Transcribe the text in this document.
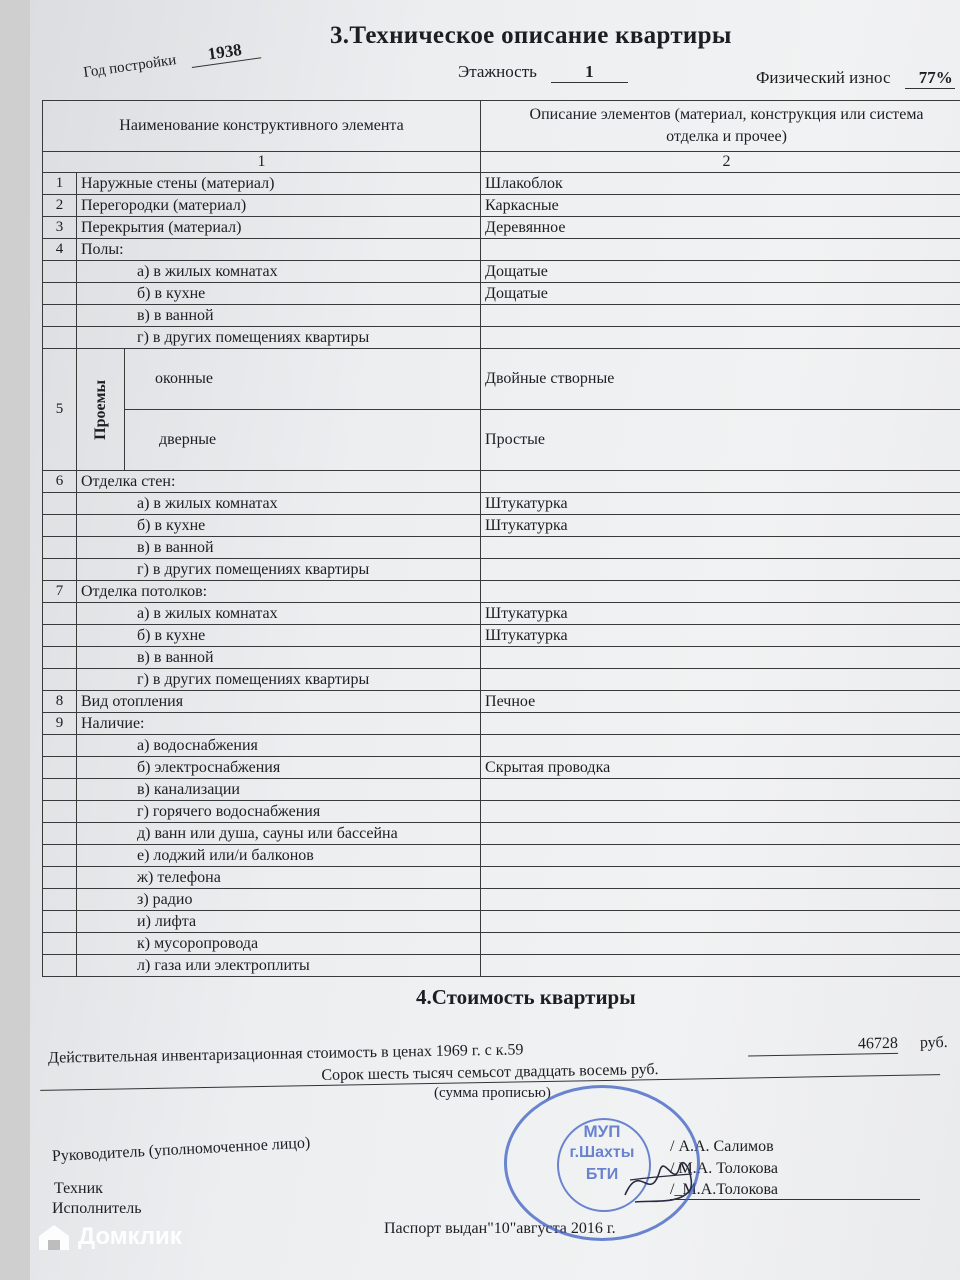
3.Техническое описание квартиры
Год постройки 1938
Этажность	1	Физический износ 77%
Наименование конструктивного элемента			Описание элементов (материал, конструкция или система
отделка и прочее)

1			2
1	Наружные стены (материал)		Шлакоблок
2	Перегородки (материал)		Каркасные
3	Перекрытия (материал)		Деревянное
4	Полы:		
	а) в жилых комнатах		Дощатые
	б) в кухне		Дощатые
	в) в ванной		
	г) в других помещениях квартиры		
5	Проемы	оконные	Двойные створные
		дверные	Простые
6	Отделка стен:		
	а) в жилых комнатах		Штукатурка
	б) в кухне		Штукатурка
	в) в ванной		
	г) в других помещениях квартиры		
7	Отделка потолков:		
	а) в жилых комнатах		Штукатурка
	б) в кухне		Штукатурка
	в) в ванной		
	г) в других помещениях квартиры		
8	Вид отопления		Печное
9	Наличие:		
	а) водоснабжения		
	б) электроснабжения		Скрытая проводка
	в) канализации		
	г) горячего водоснабжения		
	д) ванн или душа, сауны или бассейна		
	е) лоджий или/и балконов		
	ж) телефона		
	з) радио		
	и) лифта		
	к) мусоропровода		
	л) газа или электроплиты		
4.Стоимость квартиры
Действительная инвентаризационная стоимость в ценах 1969 г. с к.59	46728 руб.
Сорок шесть тысяч семьсот двадцать восемь руб.
(сумма прописью)
Руководитель (уполномоченное лицо)
Техник
Исполнитель
/ А.А. Салимов
/ М.А. Толокова
/_М.А.Толокова
Паспорт выдан"10"августа 2016 г.
МУП
г.Шахты
БТИ
Домклик
